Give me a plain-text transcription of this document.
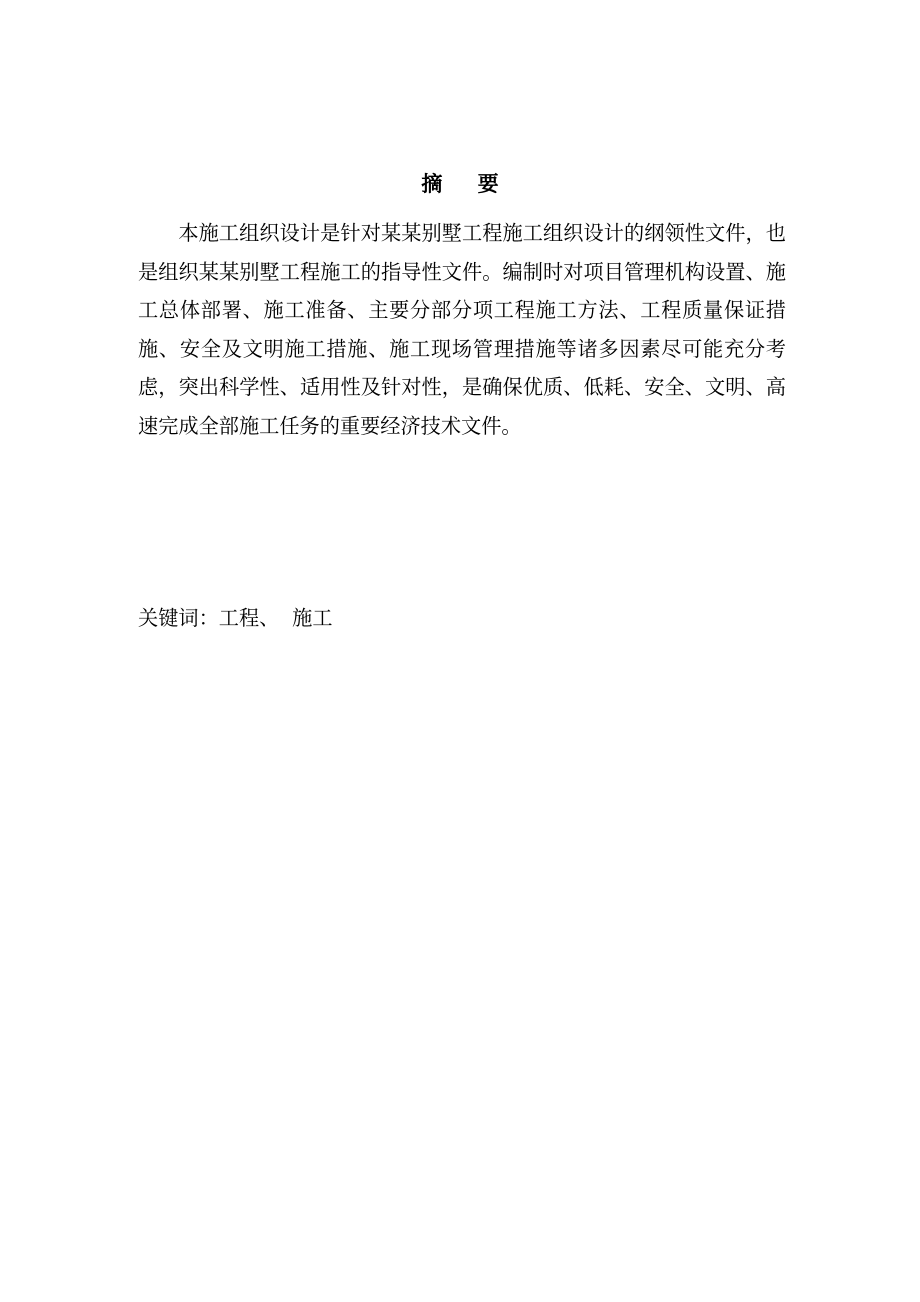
摘 要

本施工组织设计是针对某某别墅工程施工组织设计的纲领性文件，也是组织某某别墅工程施工的指导性文件。编制时对项目管理机构设置、施工总体部署、施工准备、主要分部分项工程施工方法、工程质量保证措施、安全及文明施工措施、施工现场管理措施等诸多因素尽可能充分考虑，突出科学性、适用性及针对性，是确保优质、低耗、安全、文明、高速完成全部施工任务的重要经济技术文件。

关键词：工程、  施工
